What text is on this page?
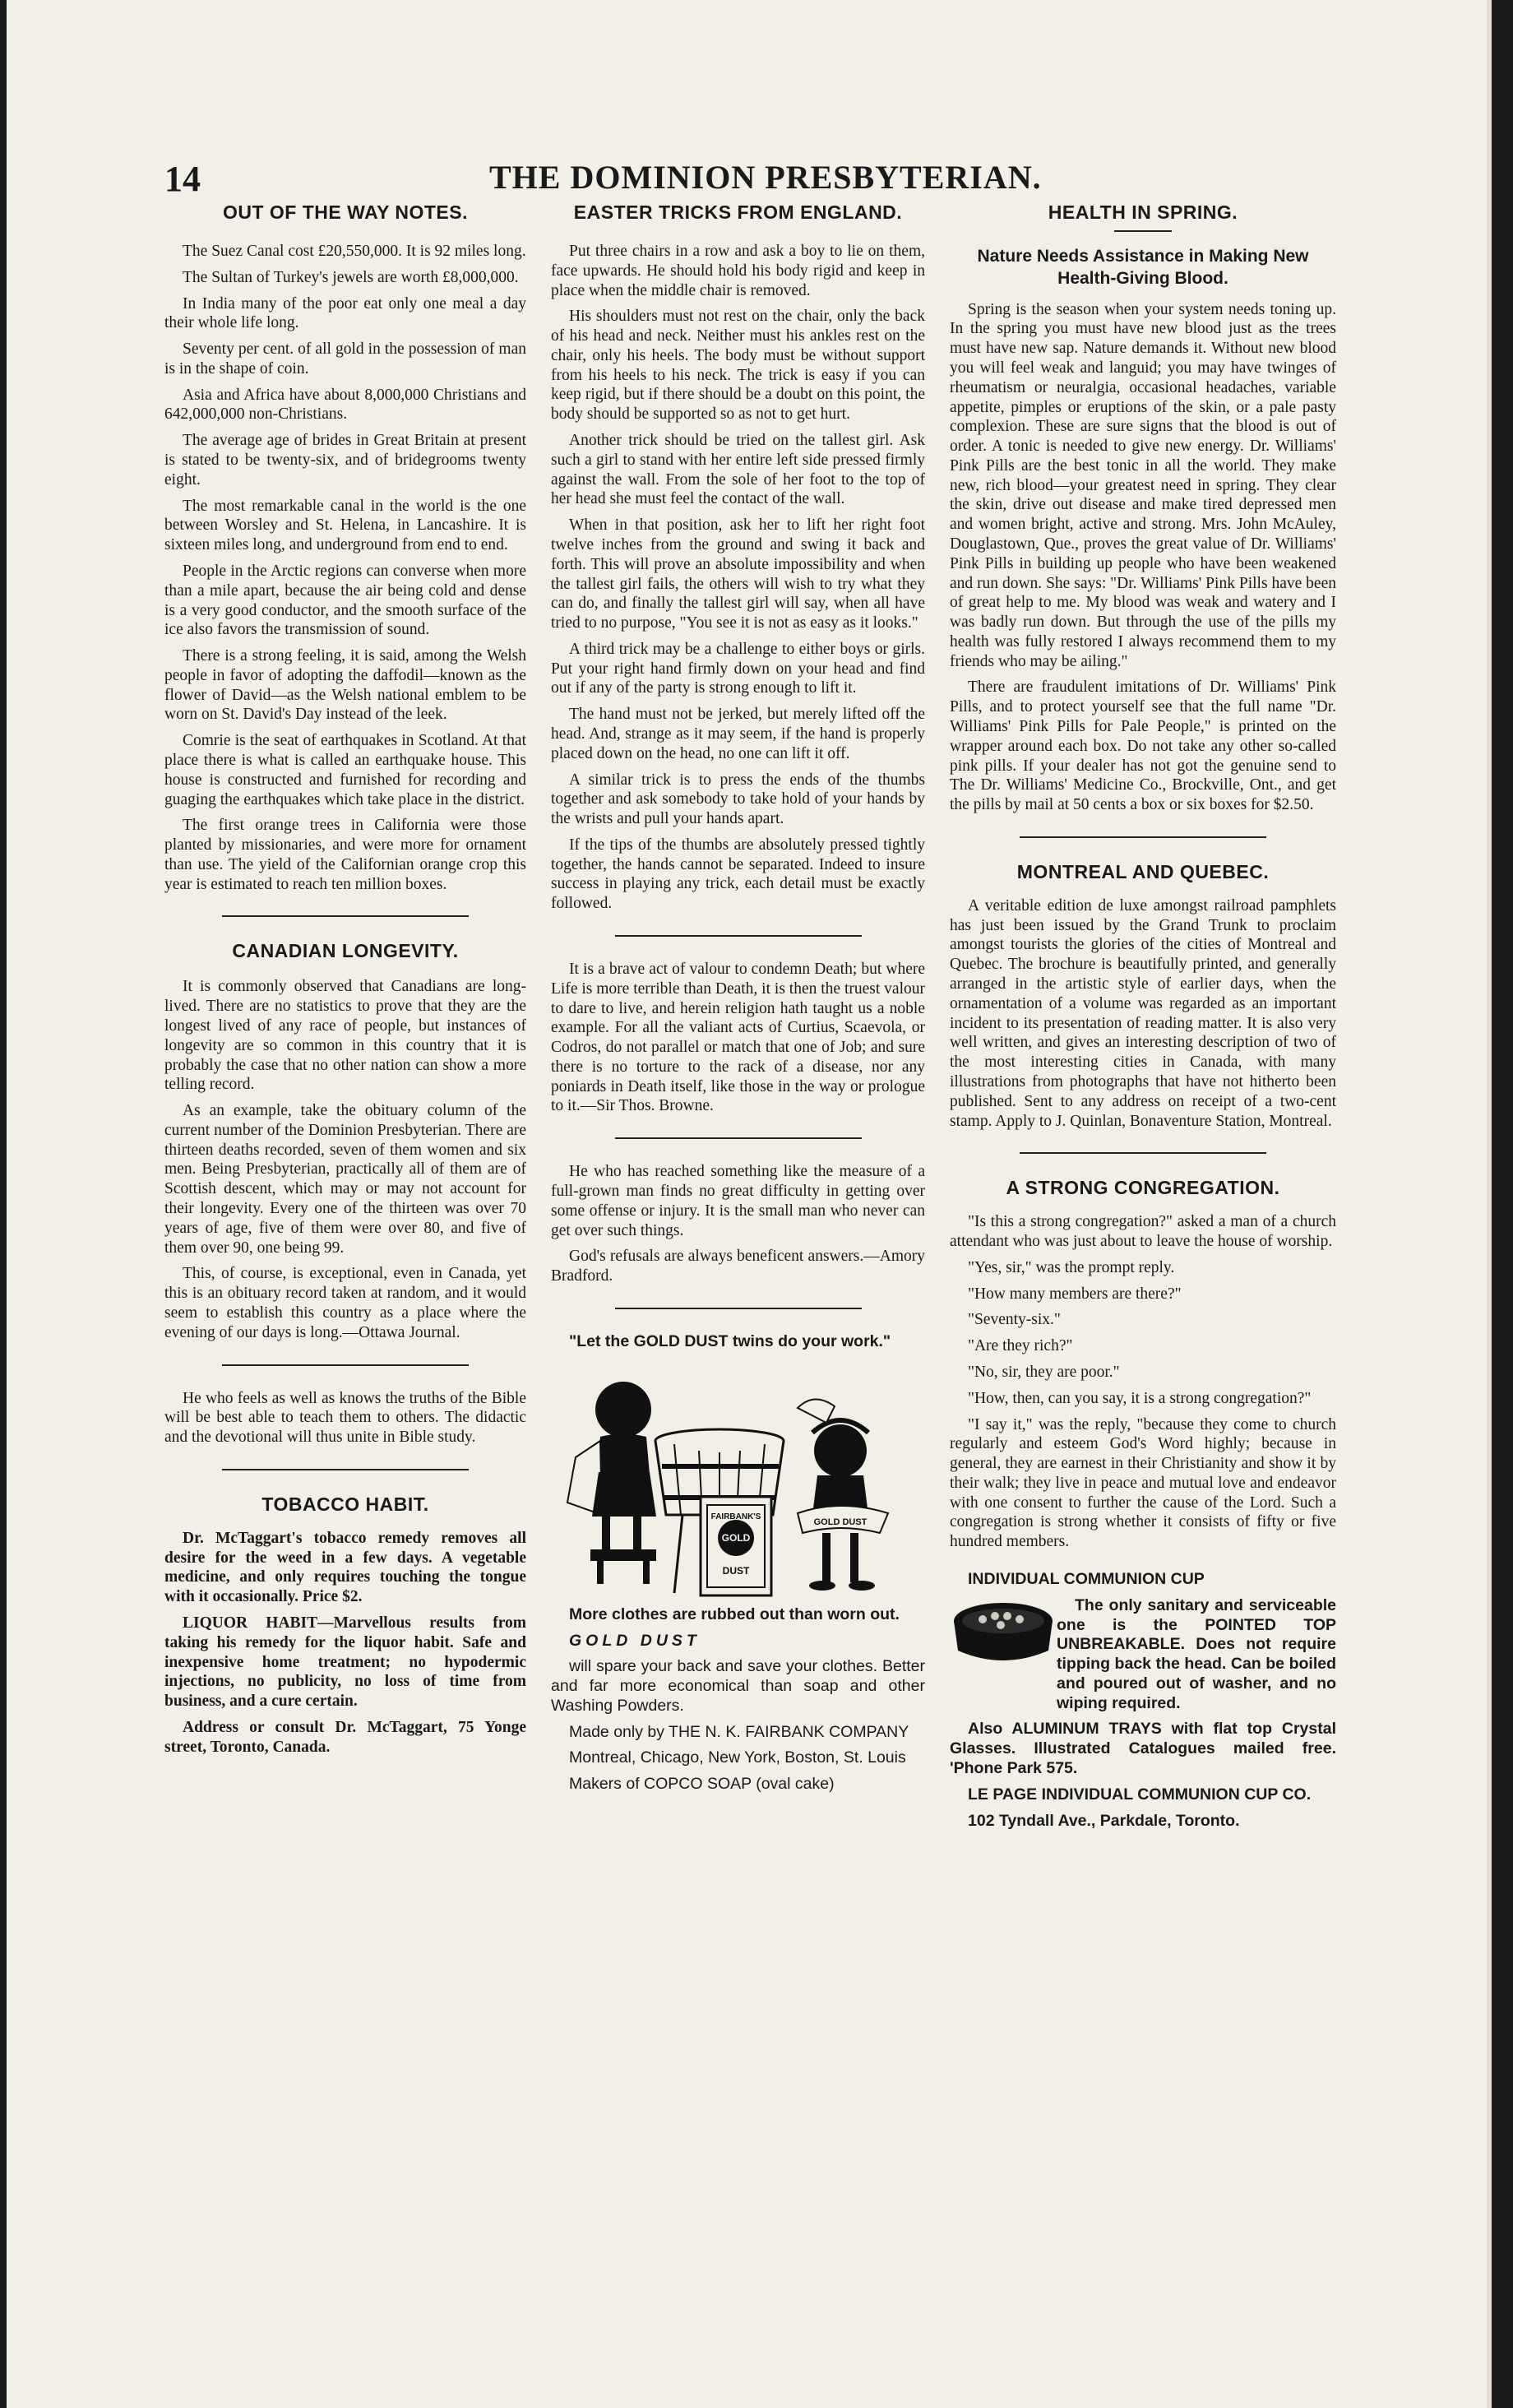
14	THE DOMINION PRESBYTERIAN.
OUT OF THE WAY NOTES.

The Suez Canal cost £20,550,000. It is 92 miles long.

The Sultan of Turkey's jewels are worth £8,000,000.

In India many of the poor eat only one meal a day their whole life long.

Seventy per cent. of all gold in the possession of man is in the shape of coin.

Asia and Africa have about 8,000,000 Christians and 642,000,000 non-Christians.

The average age of brides in Great Britain at present is stated to be twenty-six, and of bridegrooms twenty eight.

The most remarkable canal in the world is the one between Worsley and St. Helena, in Lancashire. It is sixteen miles long, and underground from end to end.

People in the Arctic regions can converse when more than a mile apart, because the air being cold and dense is a very good conductor, and the smooth surface of the ice also favors the transmission of sound.

There is a strong feeling, it is said, among the Welsh people in favor of adopting the daffodil—known as the flower of David—as the Welsh national emblem to be worn on St. David's Day instead of the leek.

Comrie is the seat of earthquakes in Scotland. At that place there is what is called an earthquake house. This house is constructed and furnished for recording and guaging the earthquakes which take place in the district.

The first orange trees in California were those planted by missionaries, and were more for ornament than use. The yield of the Californian orange crop this year is estimated to reach ten million boxes.

CANADIAN LONGEVITY.

It is commonly observed that Canadians are long-lived. There are no statistics to prove that they are the longest lived of any race of people, but instances of longevity are so common in this country that it is probably the case that no other nation can show a more telling record.

As an example, take the obituary column of the current number of the Dominion Presbyterian. There are thirteen deaths recorded, seven of them women and six men. Being Presbyterian, practically all of them are of Scottish descent, which may or may not account for their longevity. Every one of the thirteen was over 70 years of age, five of them were over 80, and five of them over 90, one being 99.

This, of course, is exceptional, even in Canada, yet this is an obituary record taken at random, and it would seem to establish this country as a place where the evening of our days is long.—Ottawa Journal.

He who feels as well as knows the truths of the Bible will be best able to teach them to others. The didactic and the devotional will thus unite in Bible study.

TOBACCO HABIT.

Dr. McTaggart's tobacco remedy removes all desire for the weed in a few days. A vegetable medicine, and only requires touching the tongue with it occasionally. Price $2.

LIQUOR HABIT—Marvellous results from taking his remedy for the liquor habit. Safe and inexpensive home treatment; no hypodermic injections, no publicity, no loss of time from business, and a cure certain.

Address or consult Dr. McTaggart, 75 Yonge street, Toronto, Canada.

EASTER TRICKS FROM ENGLAND.

Put three chairs in a row and ask a boy to lie on them, face upwards. He should hold his body rigid and keep in place when the middle chair is removed.

His shoulders must not rest on the chair, only the back of his head and neck. Neither must his ankles rest on the chair, only his heels. The body must be without support from his heels to his neck. The trick is easy if you can keep rigid, but if there should be a doubt on this point, the body should be supported so as not to get hurt.

Another trick should be tried on the tallest girl. Ask such a girl to stand with her entire left side pressed firmly against the wall. From the sole of her foot to the top of her head she must feel the contact of the wall.

When in that position, ask her to lift her right foot twelve inches from the ground and swing it back and forth. This will prove an absolute impossibility and when the tallest girl fails, the others will wish to try what they can do, and finally the tallest girl will say, when all have tried to no purpose, "You see it is not as easy as it looks."

A third trick may be a challenge to either boys or girls. Put your right hand firmly down on your head and find out if any of the party is strong enough to lift it.

The hand must not be jerked, but merely lifted off the head. And, strange as it may seem, if the hand is properly placed down on the head, no one can lift it off.

A similar trick is to press the ends of the thumbs together and ask somebody to take hold of your hands by the wrists and pull your hands apart.

If the tips of the thumbs are absolutely pressed tightly together, the hands cannot be separated. Indeed to insure success in playing any trick, each detail must be exactly followed.

It is a brave act of valour to condemn Death; but where Life is more terrible than Death, it is then the truest valour to dare to live, and herein religion hath taught us a noble example. For all the valiant acts of Curtius, Scaevola, or Codros, do not parallel or match that one of Job; and sure there is no torture to the rack of a disease, nor any poniards in Death itself, like those in the way or prologue to it.—Sir Thos. Browne.

He who has reached something like the measure of a full-grown man finds no great difficulty in getting over some offense or injury. It is the small man who never can get over such things.

God's refusals are always beneficent answers.—Amory Bradford.

"Let the GOLD DUST twins do your work."

FAIRBANK'S
GOLD
DUST
GOLD DUST

More clothes are rubbed out than worn out.

GOLD DUST

will spare your back and save your clothes. Better and far more economical than soap and other Washing Powders.

Made only by THE N. K. FAIRBANK COMPANY

Montreal, Chicago, New York, Boston, St. Louis

Makers of COPCO SOAP (oval cake)

HEALTH IN SPRING.
Nature Needs Assistance in Making New Health-Giving Blood.

Spring is the season when your system needs toning up. In the spring you must have new blood just as the trees must have new sap. Nature demands it. Without new blood you will feel weak and languid; you may have twinges of rheumatism or neuralgia, occasional headaches, variable appetite, pimples or eruptions of the skin, or a pale pasty complexion. These are sure signs that the blood is out of order. A tonic is needed to give new energy. Dr. Williams' Pink Pills are the best tonic in all the world. They make new, rich blood—your greatest need in spring. They clear the skin, drive out disease and make tired depressed men and women bright, active and strong. Mrs. John McAuley, Douglastown, Que., proves the great value of Dr. Williams' Pink Pills in building up people who have been weakened and run down. She says: "Dr. Williams' Pink Pills have been of great help to me. My blood was weak and watery and I was badly run down. But through the use of the pills my health was fully restored I always recommend them to my friends who may be ailing."

There are fraudulent imitations of Dr. Williams' Pink Pills, and to protect yourself see that the full name "Dr. Williams' Pink Pills for Pale People," is printed on the wrapper around each box. Do not take any other so-called pink pills. If your dealer has not got the genuine send to The Dr. Williams' Medicine Co., Brockville, Ont., and get the pills by mail at 50 cents a box or six boxes for $2.50.

MONTREAL AND QUEBEC.

A veritable edition de luxe amongst railroad pamphlets has just been issued by the Grand Trunk to proclaim amongst tourists the glories of the cities of Montreal and Quebec. The brochure is beautifully printed, and generally arranged in the artistic style of earlier days, when the ornamentation of a volume was regarded as an important incident to its presentation of reading matter. It is also very well written, and gives an interesting description of two of the most interesting cities in Canada, with many illustrations from photographs that have not hitherto been published. Sent to any address on receipt of a two-cent stamp. Apply to J. Quinlan, Bonaventure Station, Montreal.

A STRONG CONGREGATION.

"Is this a strong congregation?" asked a man of a church attendant who was just about to leave the house of worship.

"Yes, sir," was the prompt reply.

"How many members are there?"

"Seventy-six."

"Are they rich?"

"No, sir, they are poor."

"How, then, can you say, it is a strong congregation?"

"I say it," was the reply, "because they come to church regularly and esteem God's Word highly; because in general, they are earnest in their Christianity and show it by their walk; they live in peace and mutual love and endeavor with one consent to further the cause of the Lord. Such a congregation is strong whether it consists of fifty or five hundred members.

INDIVIDUAL COMMUNION CUP

The only sanitary and serviceable one is the POINTED TOP UNBREAKABLE. Does not require tipping back the head. Can be boiled and poured out of washer, and no wiping required.

Also ALUMINUM TRAYS with flat top Crystal Glasses. Illustrated Catalogues mailed free. 'Phone Park 575.

LE PAGE INDIVIDUAL COMMUNION CUP CO.

102 Tyndall Ave., Parkdale, Toronto.
